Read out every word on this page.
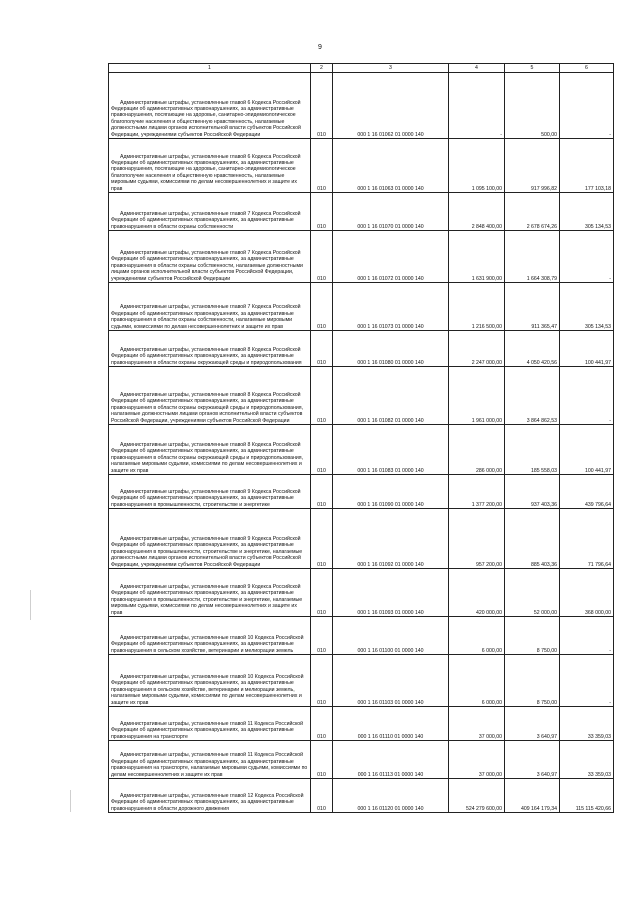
9
1	2	3	4	5	6
Административные штрафы, установленные главой 6 Кодекса Российской Федерации об административных правонарушениях, за административные правонарушения, посягающие на здоровье, санитарно-эпидемиологическое благополучие населения и общественную нравственность, налагаемые должностными лицами органов исполнительной власти субъектов Российской Федерации, учреждениями субъектов Российской Федерации	010	000 1 16 01062 01 0000 140	-	500,00	-
Административные штрафы, установленные главой 6 Кодекса Российской Федерации об административных правонарушениях, за административные правонарушения, посягающие на здоровье, санитарно-эпидемиологическое благополучие населения и общественную нравственность, налагаемые мировыми судьями, комиссиями по делам несовершеннолетних и защите их прав	010	000 1 16 01063 01 0000 140	1 095 100,00	917 996,82	177 103,18
Административные штрафы, установленные главой 7 Кодекса Российской Федерации об административных правонарушениях, за административные правонарушения в области охраны собственности	010	000 1 16 01070 01 0000 140	2 848 400,00	2 678 674,26	305 134,53
Административные штрафы, установленные главой 7 Кодекса Российской Федерации об административных правонарушениях, за административные правонарушения в области охраны собственности, налагаемые должностными лицами органов исполнительной власти субъектов Российской Федерации, учреждениями субъектов Российской Федерации	010	000 1 16 01072 01 0000 140	1 631 900,00	1 664 308,79	-
Административные штрафы, установленные главой 7 Кодекса Российской Федерации об административных правонарушениях, за административные правонарушения в области охраны собственности, налагаемые мировыми судьями, комиссиями по делам несовершеннолетних и защите их прав	010	000 1 16 01073 01 0000 140	1 216 500,00	911 365,47	305 134,53
Административные штрафы, установленные главой 8 Кодекса Российской Федерации об административных правонарушениях, за административные правонарушения в области охраны окружающей среды и природопользования	010	000 1 16 01080 01 0000 140	2 247 000,00	4 050 420,56	100 441,97
Административные штрафы, установленные главой 8 Кодекса Российской Федерации об административных правонарушениях, за административные правонарушения в области охраны окружающей среды и природопользования, налагаемые должностными лицами органов исполнительной власти субъектов Российской Федерации, учреждениями субъектов Российской Федерации	010	000 1 16 01082 01 0000 140	1 961 000,00	3 864 862,53	-
Административные штрафы, установленные главой 8 Кодекса Российской Федерации об административных правонарушениях, за административные правонарушения в области охраны окружающей среды и природопользования, налагаемые мировыми судьями, комиссиями по делам несовершеннолетних и защите их прав	010	000 1 16 01083 01 0000 140	286 000,00	185 558,03	100 441,97
Административные штрафы, установленные главой 9 Кодекса Российской Федерации об административных правонарушениях, за административные правонарушения в промышленности, строительстве и энергетике	010	000 1 16 01090 01 0000 140	1 377 200,00	937 403,36	439 796,64
Административные штрафы, установленные главой 9 Кодекса Российской Федерации об административных правонарушениях, за административные правонарушения в промышленности, строительстве и энергетике, налагаемые должностными лицами органов исполнительной власти субъектов Российской Федерации, учреждениями субъектов Российской Федерации	010	000 1 16 01092 01 0000 140	957 200,00	885 403,36	71 796,64
Административные штрафы, установленные главой 9 Кодекса Российской Федерации об административных правонарушениях, за административные правонарушения в промышленности, строительстве и энергетике, налагаемые мировыми судьями, комиссиями по делам несовершеннолетних и защите их прав	010	000 1 16 01093 01 0000 140	420 000,00	52 000,00	368 000,00
Административные штрафы, установленные главой 10 Кодекса Российской Федерации об административных правонарушениях, за административные правонарушения в сельском хозяйстве, ветеринарии и мелиорации земель	010	000 1 16 01100 01 0000 140	6 000,00	8 750,00	-
Административные штрафы, установленные главой 10 Кодекса Российской Федерации об административных правонарушениях, за административные правонарушения в сельском хозяйстве, ветеринарии и мелиорации земель, налагаемые мировыми судьями, комиссиями по делам несовершеннолетних и защите их прав	010	000 1 16 01103 01 0000 140	6 000,00	8 750,00	-
Административные штрафы, установленные главой 11 Кодекса Российской Федерации об административных правонарушениях, за административные правонарушения на транспорте	010	000 1 16 01110 01 0000 140	37 000,00	3 640,97	33 359,03
Административные штрафы, установленные главой 11 Кодекса Российской Федерации об административных правонарушениях, за административные правонарушения на транспорте, налагаемые мировыми судьями, комиссиями по делам несовершеннолетних и защите их прав	010	000 1 16 01113 01 0000 140	37 000,00	3 640,97	33 359,03
Административные штрафы, установленные главой 12 Кодекса Российской Федерации об административных правонарушениях, за административные правонарушения в области дорожного движения	010	000 1 16 01120 01 0000 140	524 279 600,00	409 164 179,34	115 115 420,66
